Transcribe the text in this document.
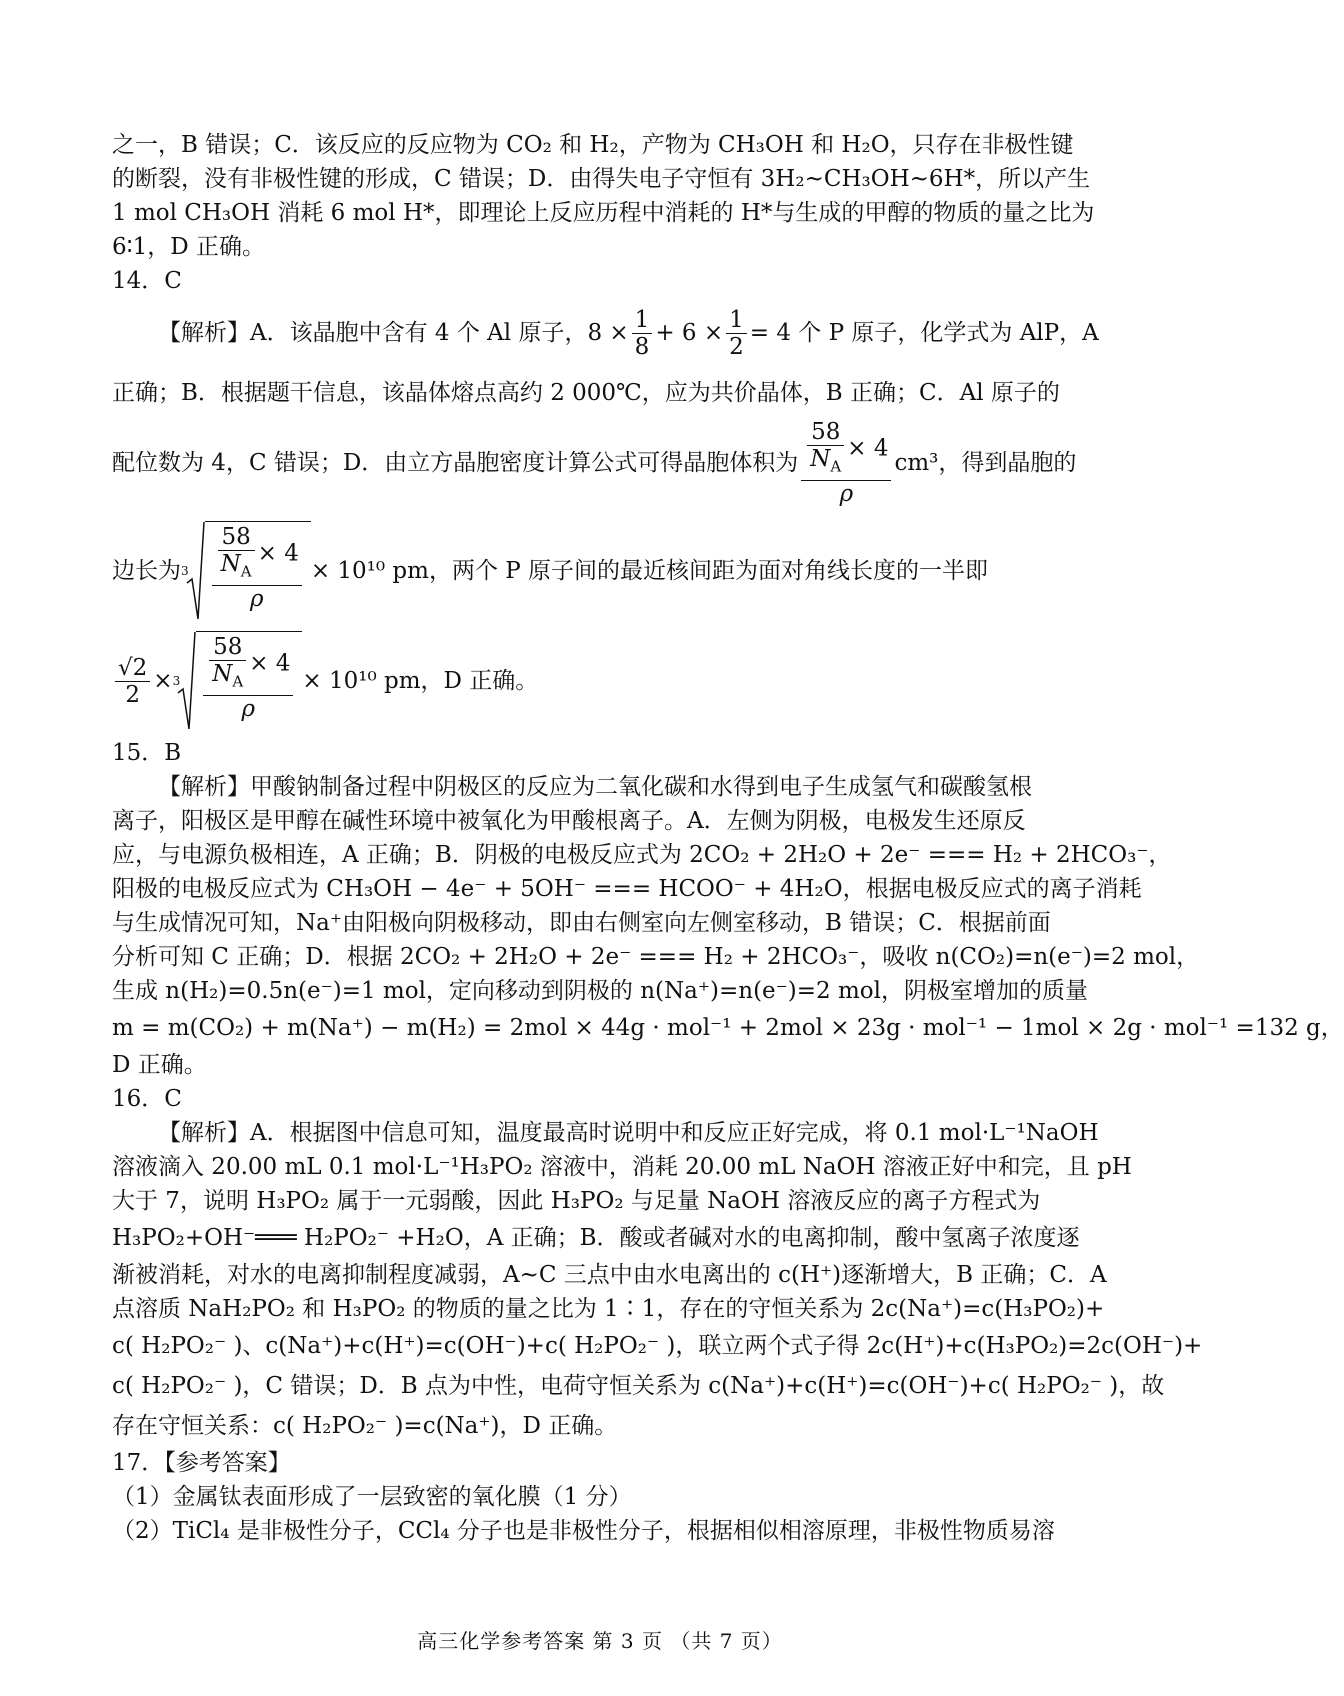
之一，B 错误；C．该反应的反应物为 CO₂ 和 H₂，产物为 CH₃OH 和 H₂O，只存在非极性键
的断裂，没有非极性键的形成，C 错误；D．由得失电子守恒有 3H₂~CH₃OH~6H*，所以产生
1 mol CH₃OH 消耗 6 mol H*，即理论上反应历程中消耗的 H*与生成的甲醇的物质的量之比为
6∶1，D 正确。
14．C
【解析】A．该晶胞中含有 4 个 Al 原子，$8 \times \frac{1}{8} + 6 \times \frac{1}{2} = 4$ 个 P 原子，化学式为 AlP，A
正确；B．根据题干信息，该晶体熔点高约 2 000℃，应为共价晶体，B 正确；C．Al 原子的
配位数为 4，C 错误；D．由立方晶胞密度计算公式可得晶胞体积为 $\frac{\frac{58}{N_A} \times 4}{\rho} cm^3$，得到晶胞的
边长为 $3 \frac{\frac{58}{N_A} \times 4}{\rho} \times 10^{10}$ pm，两个 P 原子间的最近核间距为面对角线长度的一半即
$\frac{√2}{2} \times 3 \frac{\frac{58}{N_A} \times 4}{\rho} \times 10^{10}$ pm，D 正确。
15．B
【解析】甲酸钠制备过程中阴极区的反应为二氧化碳和水得到电子生成氢气和碳酸氢根
离子，阳极区是甲醇在碱性环境中被氧化为甲酸根离子。A．左侧为阴极，电极发生还原反
应，与电源负极相连，A 正确；B．阴极的电极反应式为 2CO₂ + 2H₂O + 2e⁻ === H₂ + 2HCO₃⁻，
阳极的电极反应式为 CH₃OH − 4e⁻ + 5OH⁻ === HCOO⁻ + 4H₂O，根据电极反应式的离子消耗
与生成情况可知，Na⁺由阳极向阴极移动，即由右侧室向左侧室移动，B 错误；C．根据前面
分析可知 C 正确；D．根据 2CO₂ + 2H₂O + 2e⁻ === H₂ + 2HCO₃⁻，吸收 n(CO₂)=n(e⁻)=2 mol，
生成 n(H₂)=0.5n(e⁻)=1 mol，定向移动到阴极的 n(Na⁺)=n(e⁻)=2 mol，阴极室增加的质量
m = m(CO₂) + m(Na⁺) − m(H₂) = 2mol × 44g · mol⁻¹ + 2mol × 23g · mol⁻¹ − 1mol × 2g · mol⁻¹ =132 g，
D 正确。
16．C
【解析】A．根据图中信息可知，温度最高时说明中和反应正好完成，将 0.1 mol·L⁻¹NaOH
溶液滴入 20.00 mL 0.1 mol·L⁻¹H₃PO₂ 溶液中，消耗 20.00 mL NaOH 溶液正好中和完，且 pH
大于 7，说明 H₃PO₂ 属于一元弱酸，因此 H₃PO₂ 与足量 NaOH 溶液反应的离子方程式为
H₃PO₂+OH⁻═══ H₂PO₂⁻ +H₂O，A 正确；B．酸或者碱对水的电离抑制，酸中氢离子浓度逐
渐被消耗，对水的电离抑制程度减弱，A~C 三点中由水电离出的 c(H⁺)逐渐增大，B 正确；C．A
点溶质 NaH₂PO₂ 和 H₃PO₂ 的物质的量之比为 1∶1，存在的守恒关系为 2c(Na⁺)=c(H₃PO₂)+
c( H₂PO₂⁻ )、c(Na⁺)+c(H⁺)=c(OH⁻)+c( H₂PO₂⁻ )，联立两个式子得 2c(H⁺)+c(H₃PO₂)=2c(OH⁻)+
c( H₂PO₂⁻ )，C 错误；D．B 点为中性，电荷守恒关系为 c(Na⁺)+c(H⁺)=c(OH⁻)+c( H₂PO₂⁻ )，故
存在守恒关系：c( H₂PO₂⁻ )=c(Na⁺)，D 正确。
17．【参考答案】
（1）金属钛表面形成了一层致密的氧化膜（1 分）
（2）TiCl₄ 是非极性分子，CCl₄ 分子也是非极性分子，根据相似相溶原理，非极性物质易溶
高三化学参考答案 第 3 页 （共 7 页）
